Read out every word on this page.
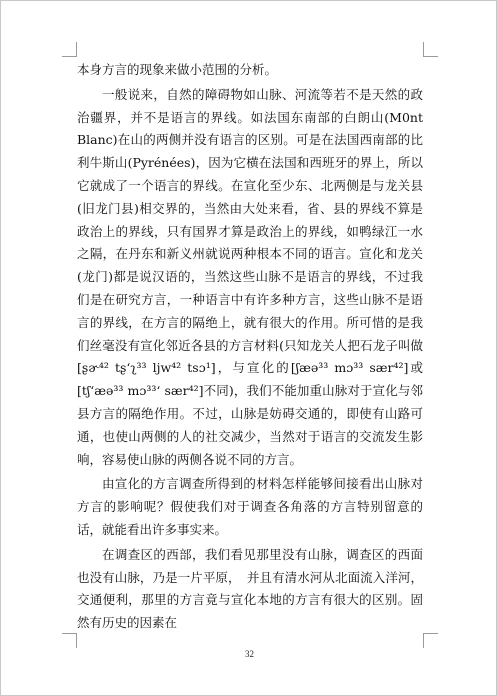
本身方言的现象来做小范围的分析。

一般说来，自然的障碍物如山脉、河流等若不是天然的政治疆界，并不是语言的界线。如法国东南部的白朗山(M0nt Blanc)在山的两侧并没有语言的区别。可是在法国西南部的比利牛斯山(Pyrénées)，因为它横在法国和西班牙的界上，所以它就成了一个语言的界线。在宣化至少东、北两侧是与龙关县(旧龙门县)相交界的，当然由大处来看，省、县的界线不算是政治上的界线，只有国界才算是政治上的界线，如鸭绿江一水之隔，在丹东和新义州就说两种根本不同的语言。宣化和龙关(龙门)都是说汉语的，当然这些山脉不是语言的界线，不过我们是在研究方言，一种语言中有许多种方言，这些山脉不是语言的界线，在方言的隔绝上，就有很大的作用。所可惜的是我们丝毫没有宣化邻近各县的方言材料(只知龙关人把石龙子叫做[ʂɚ⁴² tʂʻʅ³³ ljw⁴² tsɔ¹]，与宣化的[ʃæə³³ mɔ³³ sær⁴²]或[tʃʻæə³³ mɔ³³ʻ sær⁴²]不同)，我们不能加重山脉对于宣化与邻县方言的隔绝作用。不过，山脉是妨碍交通的，即使有山路可通，也使山两侧的人的社交减少，当然对于语言的交流发生影响，容易使山脉的两侧各说不同的方言。

由宣化的方言调查所得到的材料怎样能够间接看出山脉对方言的影响呢？假使我们对于调查各角落的方言特别留意的话，就能看出许多事实来。

在调查区的西部，我们看见那里没有山脉，调查区的西面也没有山脉，乃是一片平原，　并且有清水河从北面流入洋河，交通便利，那里的方言竟与宣化本地的方言有很大的区别。固然有历史的因素在

32
